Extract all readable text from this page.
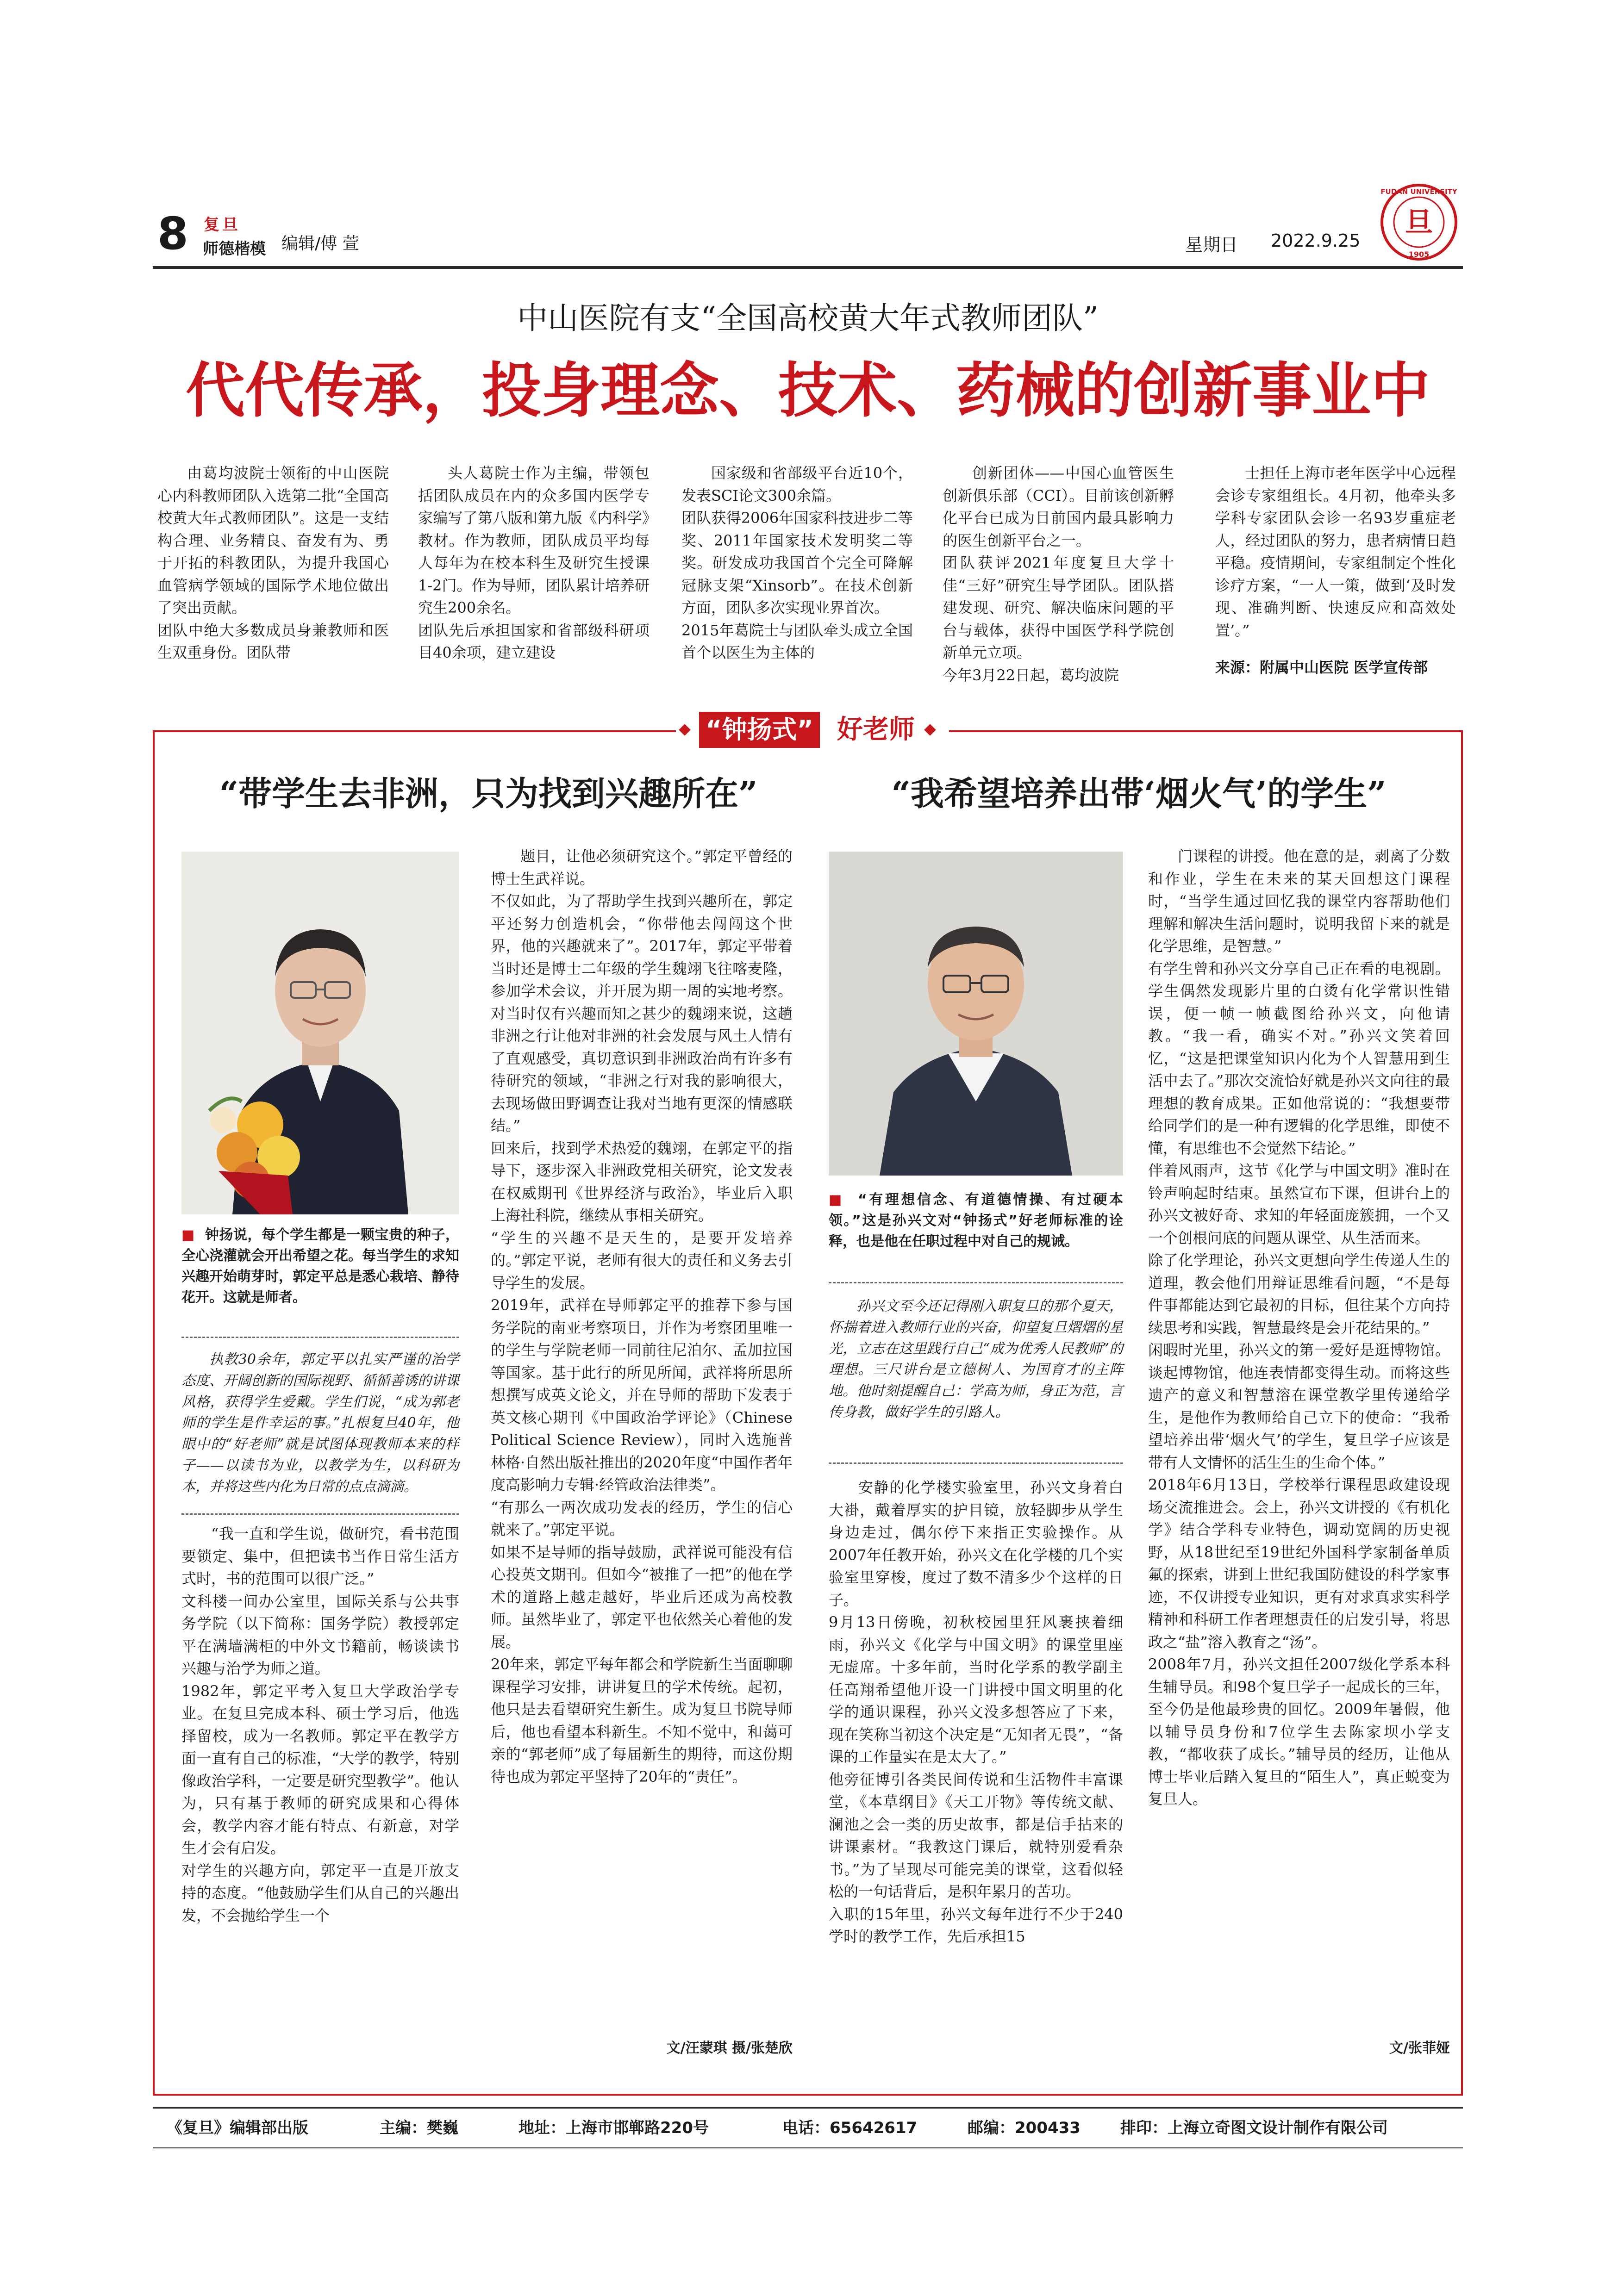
8 复旦
师德楷模 编辑/傅 萱	星期日 2022.9.25
旦
FUDAN UNIVERSITY
1905
中山医院有支“全国高校黄大年式教师团队”
代代传承，投身理念、技术、药械的创新事业中

由葛均波院士领衔的中山医院心内科教师团队入选第二批“全国高校黄大年式教师团队”。这是一支结构合理、业务精良、奋发有为、勇于开拓的科教团队，为提升我国心血管病学领域的国际学术地位做出了突出贡献。
团队中绝大多数成员身兼教师和医生双重身份。团队带

头人葛院士作为主编，带领包括团队成员在内的众多国内医学专家编写了第八版和第九版《内科学》教材。作为教师，团队成员平均每人每年为在校本科生及研究生授课1-2门。作为导师，团队累计培养研究生200余名。
团队先后承担国家和省部级科研项目40余项，建立建设

国家级和省部级平台近10个，发表SCI论文300余篇。
团队获得2006年国家科技进步二等奖、2011年国家技术发明奖二等奖。研发成功我国首个完全可降解冠脉支架“Xinsorb”。在技术创新方面，团队多次实现业界首次。
2015年葛院士与团队牵头成立全国首个以医生为主体的

创新团体——中国心血管医生创新俱乐部（CCI）。目前该创新孵化平台已成为目前国内最具影响力的医生创新平台之一。
团队获评2021年度复旦大学十佳“三好”研究生导学团队。团队搭建发现、研究、解决临床问题的平台与载体，获得中国医学科学院创新单元立项。
今年3月22日起，葛均波院

士担任上海市老年医学中心远程会诊专家组组长。4月初，他牵头多学科专家团队会诊一名93岁重症老人，经过团队的努力，患者病情日趋平稳。疫情期间，专家组制定个性化诊疗方案，“一人一策，做到‘及时发现、准确判断、快速反应和高效处置’。”

来源：附属中山医院 医学宣传部
“钟扬式” 好老师
“带学生去非洲，只为找到兴趣所在”
■ 钟扬说，每个学生都是一颗宝贵的种子，全心浇灌就会开出希望之花。每当学生的求知兴趣开始萌芽时，郭定平总是悉心栽培、静待花开。这就是师者。
执教30余年，郭定平以扎实严谨的治学态度、开阔创新的国际视野、循循善诱的讲课风格，获得学生爱戴。学生们说，“成为郭老师的学生是件幸运的事。”扎根复旦40年，他眼中的“好老师”就是试图体现教师本来的样子——以读书为业，以教学为生，以科研为本，并将这些内化为日常的点点滴滴。

“我一直和学生说，做研究，看书范围要锁定、集中，但把读书当作日常生活方式时，书的范围可以很广泛。”
文科楼一间办公室里，国际关系与公共事务学院（以下简称：国务学院）教授郭定平在满墙满柜的中外文书籍前，畅谈读书兴趣与治学为师之道。
1982年，郭定平考入复旦大学政治学专业。在复旦完成本科、硕士学习后，他选择留校，成为一名教师。郭定平在教学方面一直有自己的标准，“大学的教学，特别像政治学科，一定要是研究型教学”。他认为，只有基于教师的研究成果和心得体会，教学内容才能有特点、有新意，对学生才会有启发。
对学生的兴趣方向，郭定平一直是开放支持的态度。“他鼓励学生们从自己的兴趣出发，不会抛给学生一个

题目，让他必须研究这个。”郭定平曾经的博士生武祥说。
不仅如此，为了帮助学生找到兴趣所在，郭定平还努力创造机会，“你带他去闯闯这个世界，他的兴趣就来了”。2017年，郭定平带着当时还是博士二年级的学生魏翊飞往喀麦隆，参加学术会议，并开展为期一周的实地考察。对当时仅有兴趣而知之甚少的魏翊来说，这趟非洲之行让他对非洲的社会发展与风土人情有了直观感受，真切意识到非洲政治尚有许多有待研究的领域，“非洲之行对我的影响很大，去现场做田野调查让我对当地有更深的情感联结。”
回来后，找到学术热爱的魏翊，在郭定平的指导下，逐步深入非洲政党相关研究，论文发表在权威期刊《世界经济与政治》，毕业后入职上海社科院，继续从事相关研究。
“学生的兴趣不是天生的，是要开发培养的。”郭定平说，老师有很大的责任和义务去引导学生的发展。
2019年，武祥在导师郭定平的推荐下参与国务学院的南亚考察项目，并作为考察团里唯一的学生与学院老师一同前往尼泊尔、孟加拉国等国家。基于此行的所见所闻，武祥将所思所想撰写成英文论文，并在导师的帮助下发表于英文核心期刊《中国政治学评论》（Chinese Political Science Review），同时入选施普林格·自然出版社推出的2020年度“中国作者年度高影响力专辑·经管政治法律类”。
“有那么一两次成功发表的经历，学生的信心就来了。”郭定平说。
如果不是导师的指导鼓励，武祥说可能没有信心投英文期刊。但如今“被推了一把”的他在学术的道路上越走越好，毕业后还成为高校教师。虽然毕业了，郭定平也依然关心着他的发展。
20年来，郭定平每年都会和学院新生当面聊聊课程学习安排，讲讲复旦的学术传统。起初，他只是去看望研究生新生。成为复旦书院导师后，他也看望本科新生。不知不觉中，和蔼可亲的“郭老师”成了每届新生的期待，而这份期待也成为郭定平坚持了20年的“责任”。

文/汪蒙琪 摄/张楚欣
“我希望培养出带‘烟火气’的学生”
■ “有理想信念、有道德情操、有过硬本领。”这是孙兴文对“钟扬式”好老师标准的诠释，也是他在任职过程中对自己的规诫。
孙兴文至今还记得刚入职复旦的那个夏天，怀揣着进入教师行业的兴奋，仰望复旦熠熠的星光，立志在这里践行自己“成为优秀人民教师”的理想。三尺讲台是立德树人、为国育才的主阵地。他时刻提醒自己：学高为师，身正为范，言传身教，做好学生的引路人。

安静的化学楼实验室里，孙兴文身着白大褂，戴着厚实的护目镜，放轻脚步从学生身边走过，偶尔停下来指正实验操作。从2007年任教开始，孙兴文在化学楼的几个实验室里穿梭，度过了数不清多少个这样的日子。
9月13日傍晚，初秋校园里狂风裹挟着细雨，孙兴文《化学与中国文明》的课堂里座无虚席。十多年前，当时化学系的教学副主任高翔希望他开设一门讲授中国文明里的化学的通识课程，孙兴文没多想答应了下来，现在笑称当初这个决定是“无知者无畏”，“备课的工作量实在是太大了。”
他旁征博引各类民间传说和生活物件丰富课堂，《本草纲目》《天工开物》等传统文献、澜池之会一类的历史故事，都是信手拈来的讲课素材。“我教这门课后，就特别爱看杂书。”为了呈现尽可能完美的课堂，这看似轻松的一句话背后，是积年累月的苦功。
入职的15年里，孙兴文每年进行不少于240学时的教学工作，先后承担15

门课程的讲授。他在意的是，剥离了分数和作业，学生在未来的某天回想这门课程时，“当学生通过回忆我的课堂内容帮助他们理解和解决生活问题时，说明我留下来的就是化学思维，是智慧。”
有学生曾和孙兴文分享自己正在看的电视剧。学生偶然发现影片里的白烫有化学常识性错误，便一帧一帧截图给孙兴文，向他请教。“我一看，确实不对。”孙兴文笑着回忆，“这是把课堂知识内化为个人智慧用到生活中去了。”那次交流恰好就是孙兴文向往的最理想的教育成果。正如他常说的：“我想要带给同学们的是一种有逻辑的化学思维，即使不懂，有思维也不会觉然下结论。”
伴着风雨声，这节《化学与中国文明》准时在铃声响起时结束。虽然宣布下课，但讲台上的孙兴文被好奇、求知的年轻面庞簇拥，一个又一个创根问底的问题从课堂、从生活而来。
除了化学理论，孙兴文更想向学生传递人生的道理，教会他们用辩证思维看问题，“不是每件事都能达到它最初的目标，但往某个方向持续思考和实践，智慧最终是会开花结果的。”
闲暇时光里，孙兴文的第一爱好是逛博物馆。谈起博物馆，他连表情都变得生动。而将这些遗产的意义和智慧溶在课堂教学里传递给学生，是他作为教师给自己立下的使命：“我希望培养出带‘烟火气’的学生，复旦学子应该是带有人文情怀的活生生的生命个体。”
2018年6月13日，学校举行课程思政建设现场交流推进会。会上，孙兴文讲授的《有机化学》结合学科专业特色，调动宽阔的历史视野，从18世纪至19世纪外国科学家制备单质氟的探索，讲到上世纪我国防健设的科学家事迹，不仅讲授专业知识，更有对求真求实科学精神和科研工作者理想责任的启发引导，将思政之“盐”溶入教育之“汤”。
2008年7月，孙兴文担任2007级化学系本科生辅导员。和98个复旦学子一起成长的三年，至今仍是他最珍贵的回忆。2009年暑假，他以辅导员身份和7位学生去陈家坝小学支教，“都收获了成长。”辅导员的经历，让他从博士毕业后踏入复旦的“陌生人”，真正蜕变为复旦人。

文/张菲娅
《复旦》编辑部出版	主编：樊巍	地址：上海市邯郸路220号	电话：65642617	邮编：200433	排印：上海立奇图文设计制作有限公司
